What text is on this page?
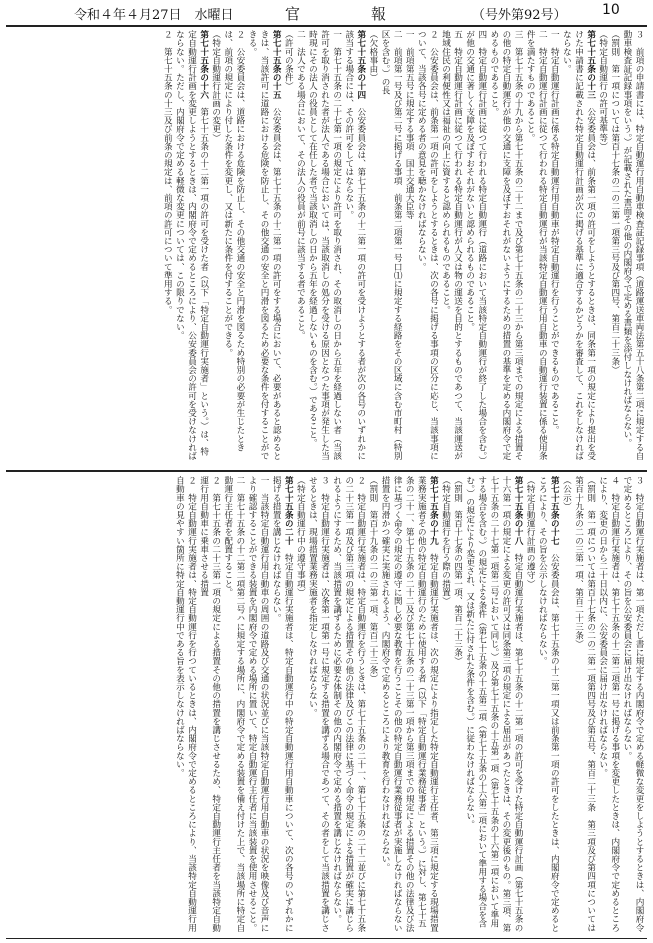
令和４年４月27日　水曜日	官　報	（号外第92号）	10

３　前項の申請書には、特定自動運行用自動車検査証記録事項（道路運送車両法第五十八条第二項に規定する自動車検査証記録事項をいう。）が記載された書面その他の内閣府令で定める書類を添付しなければならない。

（罰則　第一項については第百十七条の二の二第一項第三号及び第四号、第百二十三条）

（特定自動運行の許可基準等）

第七十五条の十三　公安委員会は、前条第一項の許可をしようとするときは、同条第一項の規定により提出を受けた申請書に記載された特定自動運行計画が次に掲げる基準に適合するかどうかを審査して、これをしなければならない。

一　特定自動運行計画に係る特定自動運行用自動車が特定自動運行を行うことができるものであること。

二　特定自動運行計画に従つて行われる特定自動運行が当該特定自動運行用自動車の自動運行装置に係る使用条件を満たすものであること。

三　第七十五条の十九から第七十五条の二十二まで及び第七十五条の二十三から第三項までの規定による措置その他の特定自動運行が他の交通に支障を及ぼすおそれがないようにするための措置の基準を定める内閣府令で定めるものであること。

四　特定自動運行計画に従つて行われる特定自動運行（道路において当該特定自動運行が終了した場合を含む。）が他の交通に著しく支障を及ぼすおそれがないと認められるものであること。

五　特定自動運行計画に従つて行われる特定自動運行が人又は物の運送を目的とするものであつて、当該運送が地域住民の利便性又は福祉の向上に資すると認められるものであること。

２　公安委員会は、前条第一項の許可をしようとするときは、次の各号に掲げる事項の区分に応じ、当該事項について、当該各号に定める者の意見を聴かなければならない。

一　前項第五号に規定する事項　国土交通大臣等

二　前項第一号及び第二号に掲げる事項　前条第二項第一号口⑴に規定する経路をその区域に含む市町村（特別区を含む。）の長

（欠格事由）

第七十五条の十四　公安委員会は、第七十五条の十二第一項の許可を受けようとする者が次の各号のいずれかに該当する場合には、その許可をしてはならない。

一　第七十五条の二十七第一項の規定により許可を取り消され、その取消しの日から五年を経過しない者（当該許可を取り消された者が法人である場合においては、当該取消しの処分を受ける原因となつた事項が発生した当時現にその法人の役員として在任した者で当該取消しの日から五年を経過しないものを含む。）であること。

二　法人である場合において、その法人の役員が前号に該当する者であること。

（許可の条件）

第七十五条の十五　公安委員会は、第七十五条の十二第一項の許可をする場合において、必要があると認めるときは、当該許可に道路における危険を防止し、その他交通の安全と円滑を図るため必要な条件を付することができる。

２　公安委員会は、道路における危険を防止し、その他交通の安全と円滑を図るため特別の必要が生じたときは、前項の規定により付した条件を変更し、又は新たに条件を付することができる。

（特定自動運行計画の変更）

第七十五条の十六　第七十五条の十二第一項の許可を受けた者（以下「特定自動運行実施者」という。）は、特定自動運行計画を変更しようとするときは、内閣府令で定めるところにより、公安委員会の許可を受けなければならない。ただし、内閣府令で定める軽微な変更については、この限りでない。

２　第七十五条の十三及び前条の規定は、前項の許可について準用する。

３　特定自動運行実施者は、第一項ただし書に規定する内閣府令で定める軽微な変更をしようとするときは、内閣府令で定めるところにより、その旨を公安委員会に届け出なければならない。

４　特定自動運行実施者は、第七十五条の十二第二項第一号に掲げる事項を変更したときは、内閣府令で定めるところにより、変更の日から二十日以内に、公安委員会に届け出なければならない。

（罰則　第一項については第百十七条の二の二第一項第四号及び第五号、第百二十三条　第三項及び第四項については第百十九条の二の三第一項、第百二十三条）

（公示）

第七十五条の十七　公安委員会は、第七十五条の十二第一項又は前条第一項の許可をしたときは、内閣府令で定めるところにより、その旨を公示しなければならない。

（特定自動運行計画の遵守）

第七十五条の十八　特定自動運行実施者は、第七十五条の十二第一項の許可を受けた特定自動運行計画（第七十五条の十六第一項の規定による変更の許可又は同条第三項の規定による届出があつたときは、その変更後のもの。第三項、第七十五条の二十七第一項第二号において同じ。）及び第七十五条の十五第一項（第七十五条の十六第二項において準用する場合を含む。）の規定による条件（第七十五条の十五第二項（第七十五条の十六第二項において準用する場合を含む。）の規定により変更され、又は新たに付された条件を含む。）に従わなければならない。

（罰則　第百十七条の四第一項、第百二十三条）

（特定自動運行を行う際の措置）

第七十五条の十九　特定自動運行実施者は、次の規定により指定した特定自動運行主任者、第三項に規定する現場措置業務実施者その他の特定自動運行のために使用する者（以下「特定自動運行業務従事者」という。）に対し、第七十五条の二十一、第七十五条の二十二及び第七十五条の二十三第一項から第三項までの規定による措置その他の法律及び法律に基づく命令の規定の遵守に関し必要な教育を行うことその他の特定自動運行業務従事者が実施しなければならない措置を円滑かつ確実に実施されるよう、内閣府令で定めるところにより教育を行わなければならない。

（罰則　第百十九条の二の三第一項、第百二十三条）

２　特定自動運行実施者は、特定自動運行を行うときは、第七十五条の二十一、第七十五条の二十二並びに第七十五条の二十三第一項及び第三項の規定による措置その他の法律及びこの法律に基づく命令の規定による措置が確実に講じられるようにするため、当該措置を講ずるために必要な体制その他の内閣府令で定める措置を講じなければならない。

３　特定自動運行実施者は、次条第一項第一号に規定する措置を講ずる場合であつて、その者をして当該措置を講じさせるときは、現場措置業務実施者を指定しなければならない。

（特定自動運行中の遵守事項）

第七十五条の二十　特定自動運行実施者は、特定自動運行中の特定自動運行用自動車について、次の各号のいずれかに掲げる措置を講じなければならない。

一　当該特定自動運行用自動車の周囲の道路及び交通の状況並びに当該特定自動運行用自動車の状況を映像及び音声により確認することができる装置を内閣府令で定める場所に置いて、特定自動運行主任者に当該装置を使用させること。

二　第七十五条の十二第二項第二号ハに規定する場所に、内閣府令で定める装置を備え付けた上で、当該場所に特定自動運行主任者を配置すること。

２　第七十五条の二十三第一項の規定による措置その他の措置を講じさせるため、特定自動運行主任者を当該特定自動運行用自動車に乗車させる措置

２　特定自動運行実施者は、特定自動運行を行つているときは、内閣府令で定めるところにより、当該特定自動運行用自動車の見やすい箇所に特定自動運行中である旨を表示しなければならない。
